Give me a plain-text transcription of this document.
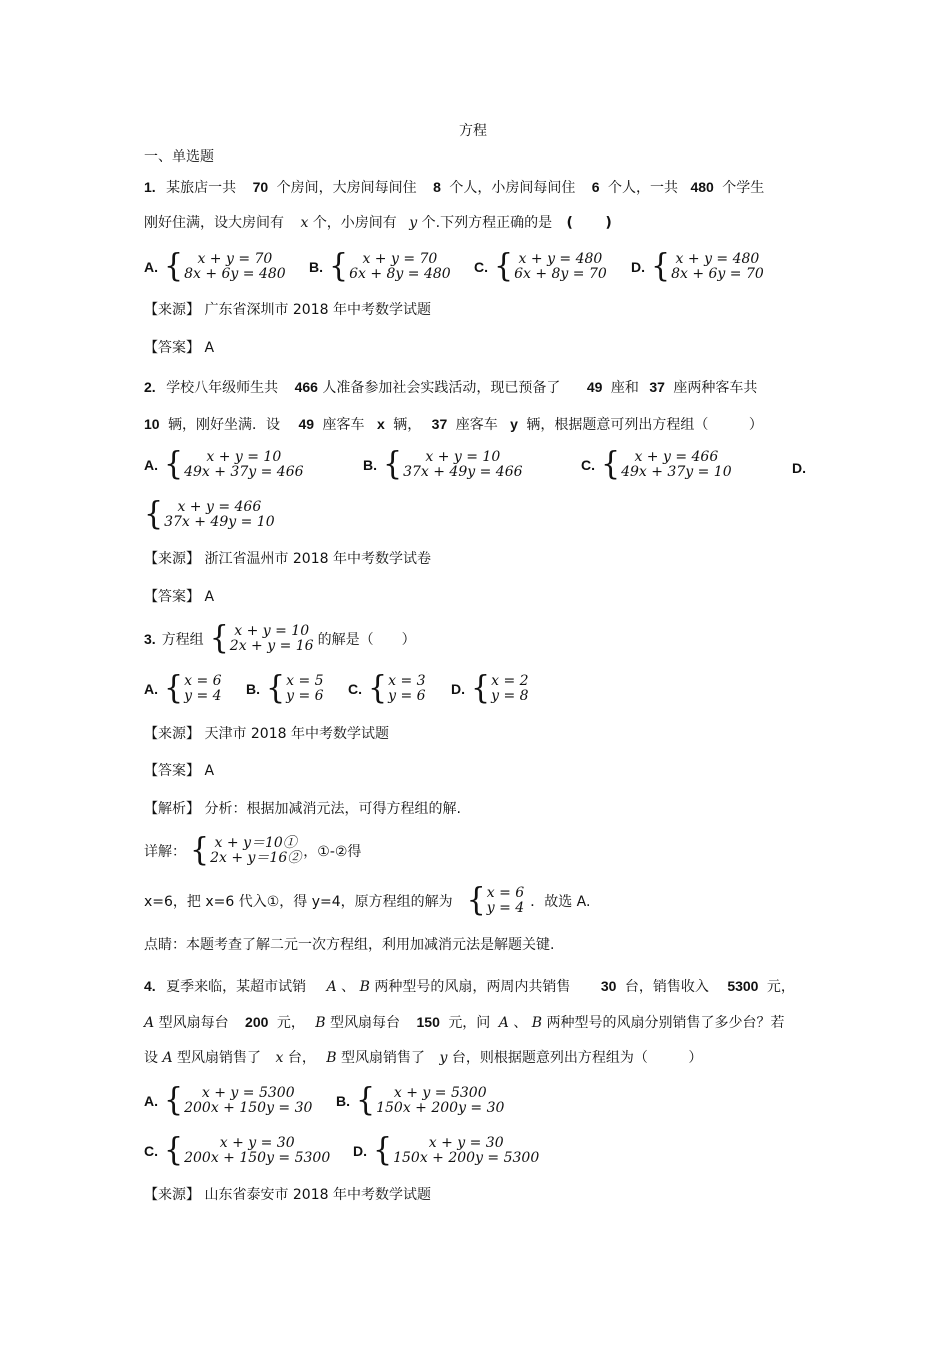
方程
一、单选题
1. 某旅店一共 70 个房间，大房间每间住 8 个人，小房间每间住 6 个人，一共 480 个学生
刚好住满，设大房间有 x 个，小房间有 y 个.下列方程正确的是 ( )
A. {	x + y = 70
8x + 6y = 480 B. {	x + y = 70
6x + 8y = 480 C. { x + y = 480
6x + 8y = 70 D. { x + y = 480
8x + 6y = 70
【来源】 广东省深圳市 2018 年中考数学试题
【答案】 A
2. 学校八年级师生共 466 人准备参加社会实践活动，现已预备了 49 座和 37 座两种客车共
10 辆，刚好坐满．设 49 座客车 x 辆， 37 座客车 y 辆，根据题意可列出方程组（	）
A. {	x + y = 10
49x + 37y = 466	B. {	x + y = 10
37x + 49y = 466	C. {	x + y = 466
49x + 37y = 10	D.
{	x + y = 466
37x + 49y = 10
【来源】 浙江省温州市 2018 年中考数学试卷
【答案】 A
3. 方程组 { x + y = 10
2x + y = 16 的解是（　　）
A. { x = 6
y = 4 B. { x = 5
y = 6 C. { x = 3
y = 6 D. { x = 2
y = 8
【来源】 天津市 2018 年中考数学试题
【答案】 A
【解析】 分析：根据加减消元法，可得方程组的解.
详解： { x + y＝10①
2x + y＝16② ，①-②得
x=6，把 x=6 代入①，得 y=4，原方程组的解为 { x = 6
y = 4 ．故选 A.
点睛：本题考查了解二元一次方程组，利用加减消元法是解题关键.
4. 夏季来临，某超市试销 A 、 B 两种型号的风扇，两周内共销售 30 台，销售收入 5300 元，
A 型风扇每台 200 元， B 型风扇每台 150 元，问 A 、 B 两种型号的风扇分别销售了多少台？若
设 A 型风扇销售了 x 台， B 型风扇销售了 y 台，则根据题意列出方程组为（	）
A. {	x + y = 5300
200x + 150y = 30 B. {	x + y = 5300
150x + 200y = 30
C. {	x + y = 30
200x + 150y = 5300 D. {	x + y = 30
150x + 200y = 5300
【来源】 山东省泰安市 2018 年中考数学试题
